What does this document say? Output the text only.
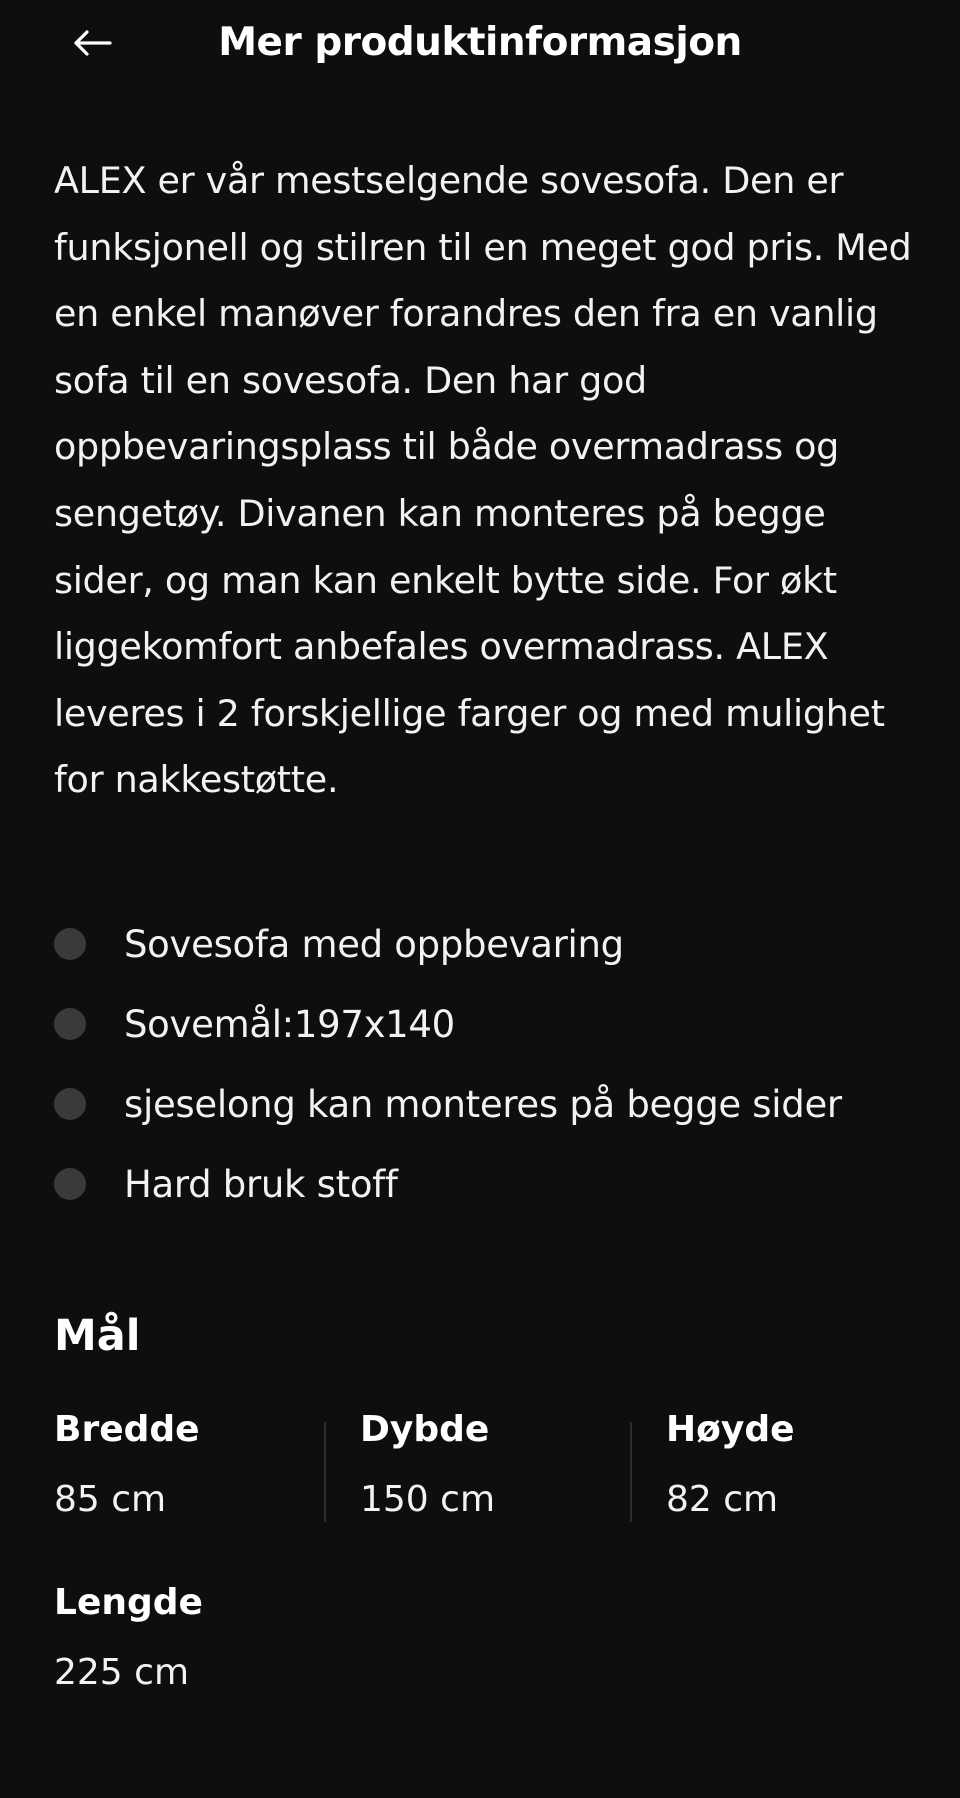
Mer produktinformasjon

ALEX er vår mestselgende sovesofa. Den er funksjonell og stilren til en meget god pris. Med en enkel manøver forandres den fra en vanlig sofa til en sovesofa. Den har god oppbevaringsplass til både overmadrass og sengetøy. Divanen kan monteres på begge sider, og man kan enkelt bytte side. For økt liggekomfort anbefales overmadrass. ALEX leveres i 2 forskjellige farger og med mulighet for nakkestøtte.

Sovesofa med oppbevaring
Sovemål:197x140
sjeselong kan monteres på begge sider
Hard bruk stoff
Mål
Bredde
85 cm
Dybde
150 cm
Høyde
82 cm
Lengde
225 cm
